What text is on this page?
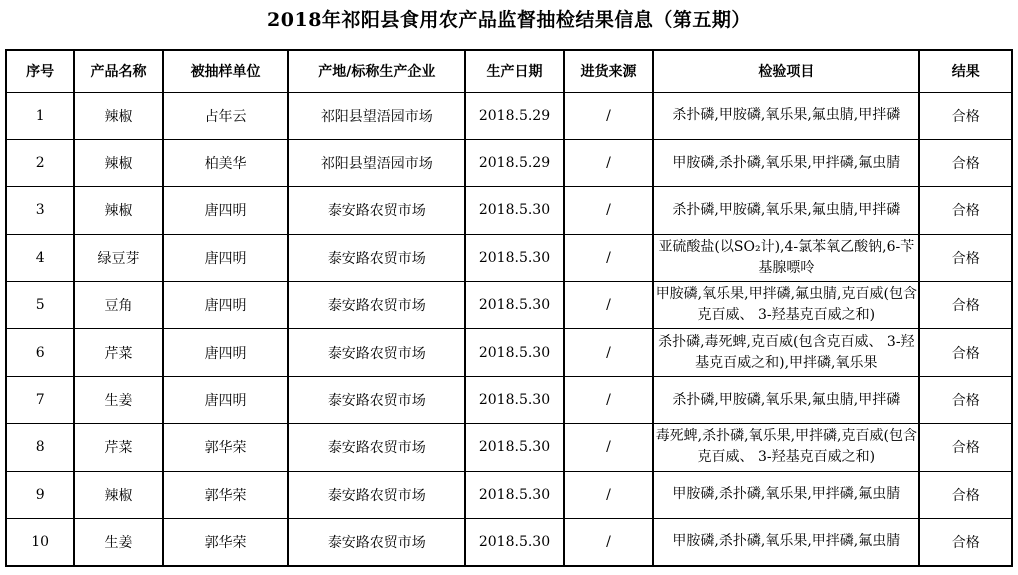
2018年祁阳县食用农产品监督抽检结果信息（第五期）
序号	产品名称	被抽样单位	产地/标称生产企业	生产日期	进货来源	检验项目	结果
1	辣椒	占年云	祁阳县望浯园市场	2018.5.29	/	杀扑磷,甲胺磷,氧乐果,氟虫腈,甲拌磷	合格
2	辣椒	柏美华	祁阳县望浯园市场	2018.5.29	/	甲胺磷,杀扑磷,氧乐果,甲拌磷,氟虫腈	合格
3	辣椒	唐四明	泰安路农贸市场	2018.5.30	/	杀扑磷,甲胺磷,氧乐果,氟虫腈,甲拌磷	合格
4	绿豆芽	唐四明	泰安路农贸市场	2018.5.30	/	亚硫酸盐(以SO₂计),4-氯苯氧乙酸钠,6-苄基腺嘌呤	合格
5	豆角	唐四明	泰安路农贸市场	2018.5.30	/	甲胺磷,氧乐果,甲拌磷,氟虫腈,克百威(包含克百威、 3-羟基克百威之和)	合格
6	芹菜	唐四明	泰安路农贸市场	2018.5.30	/	杀扑磷,毒死蜱,克百威(包含克百威、 3-羟基克百威之和),甲拌磷,氧乐果	合格
7	生姜	唐四明	泰安路农贸市场	2018.5.30	/	杀扑磷,甲胺磷,氧乐果,氟虫腈,甲拌磷	合格
8	芹菜	郭华荣	泰安路农贸市场	2018.5.30	/	毒死蜱,杀扑磷,氧乐果,甲拌磷,克百威(包含克百威、 3-羟基克百威之和)	合格
9	辣椒	郭华荣	泰安路农贸市场	2018.5.30	/	甲胺磷,杀扑磷,氧乐果,甲拌磷,氟虫腈	合格
10	生姜	郭华荣	泰安路农贸市场	2018.5.30	/	甲胺磷,杀扑磷,氧乐果,甲拌磷,氟虫腈	合格
